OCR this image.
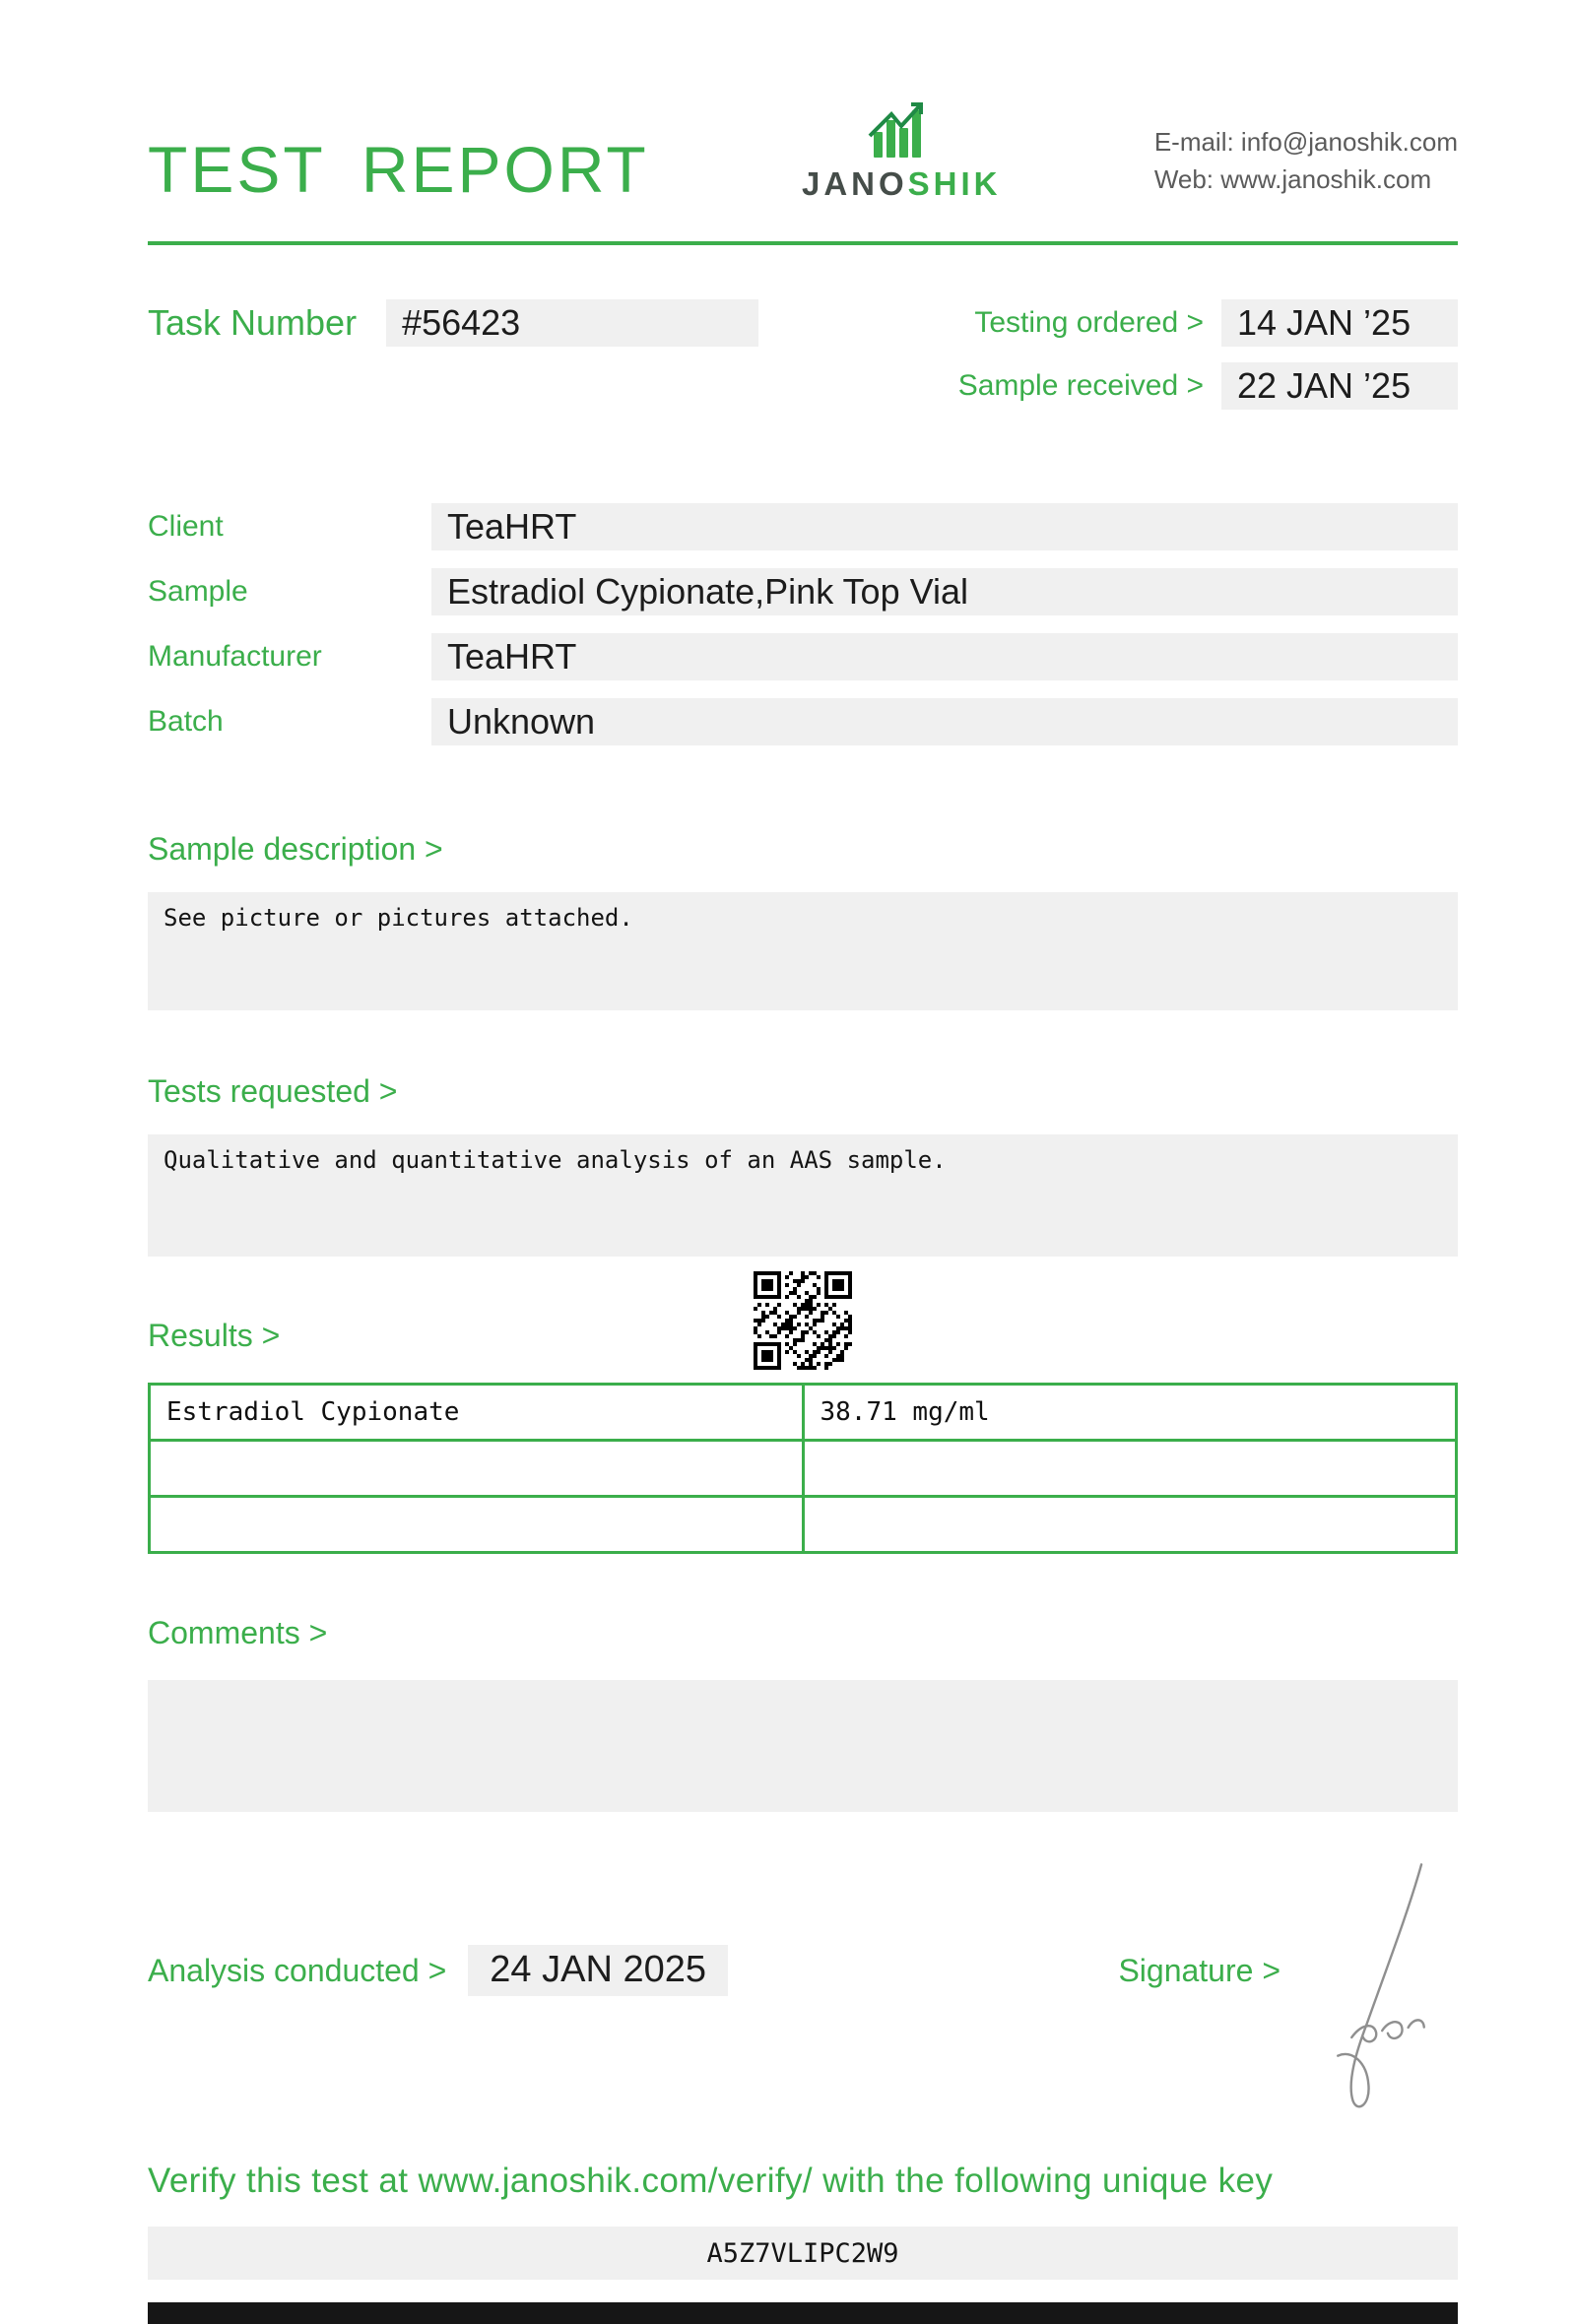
TEST REPORT	JANOSHIK
E-mail: info@janoshik.com
Web: www.janoshik.com
Task Number	#56423	Testing ordered > 14 JAN ’25
Sample received > 22 JAN ’25
Client	TeaHRT
Sample	Estradiol Cypionate,Pink Top Vial
Manufacturer	TeaHRT
Batch	Unknown
Sample description >
See picture or pictures attached.
Tests requested >
Qualitative and quantitative analysis of an AAS sample.
Results >
Estradiol Cypionate	38.71 mg/ml

Comments >
Analysis conducted >	24 JAN 2025	Signature >
Verify this test at www.janoshik.com/verify/ with the following unique key
A5Z7VLIPC2W9
